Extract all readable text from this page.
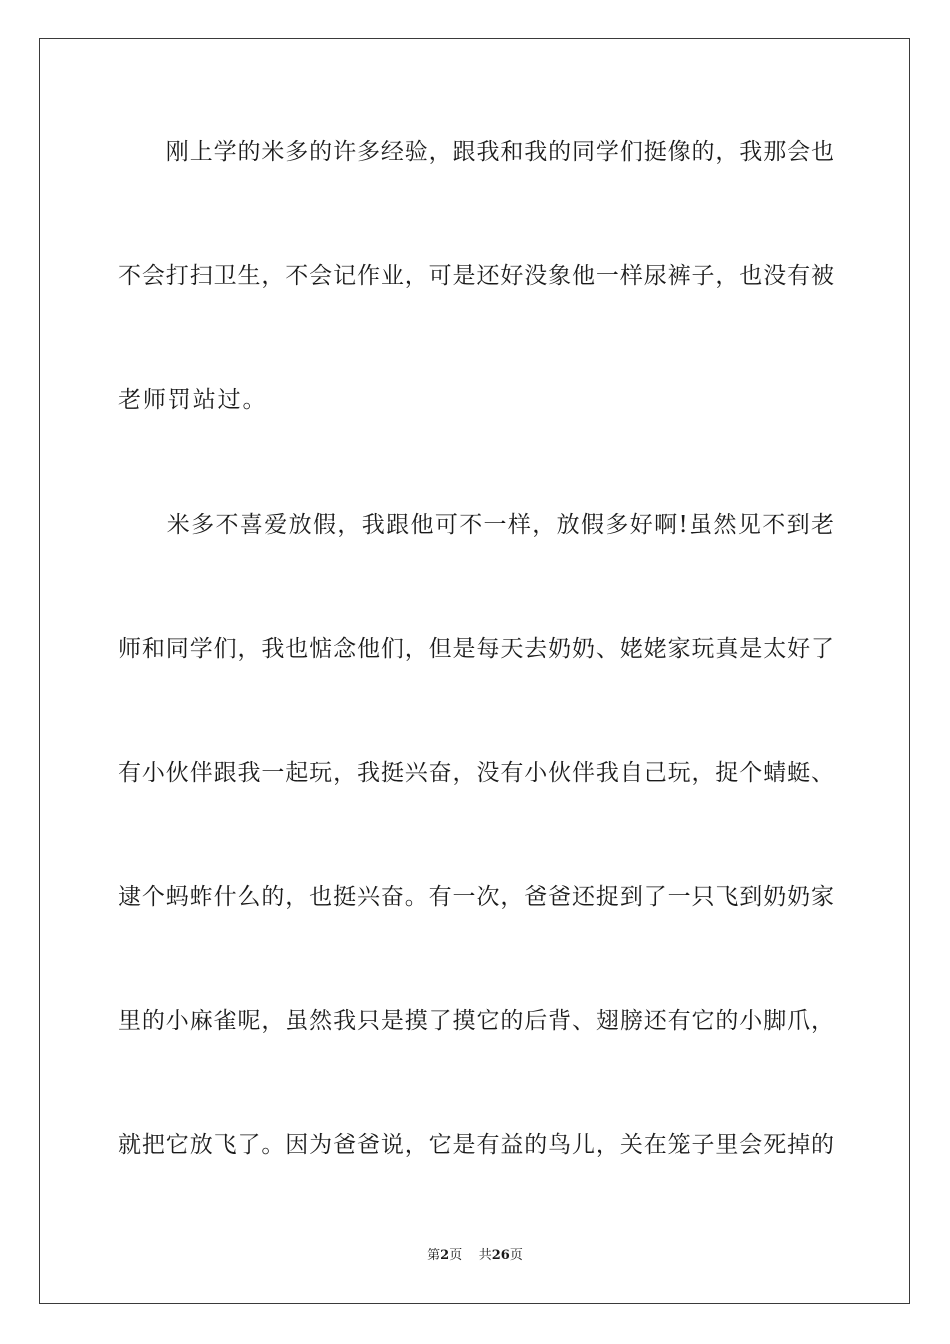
　　刚上学的米多的许多经验，跟我和我的同学们挺像的，我那会也
不会打扫卫生，不会记作业，可是还好没象他一样尿裤子，也没有被
老师罚站过。
　　米多不喜爱放假，我跟他可不一样，放假多好啊!虽然见不到老
师和同学们，我也惦念他们，但是每天去奶奶、姥姥家玩真是太好了
有小伙伴跟我一起玩，我挺兴奋，没有小伙伴我自己玩，捉个蜻蜓、
逮个蚂蚱什么的，也挺兴奋。有一次，爸爸还捉到了一只飞到奶奶家
里的小麻雀呢，虽然我只是摸了摸它的后背、翅膀还有它的小脚爪，
就把它放飞了。因为爸爸说，它是有益的鸟儿，关在笼子里会死掉的
第2页 共26页
